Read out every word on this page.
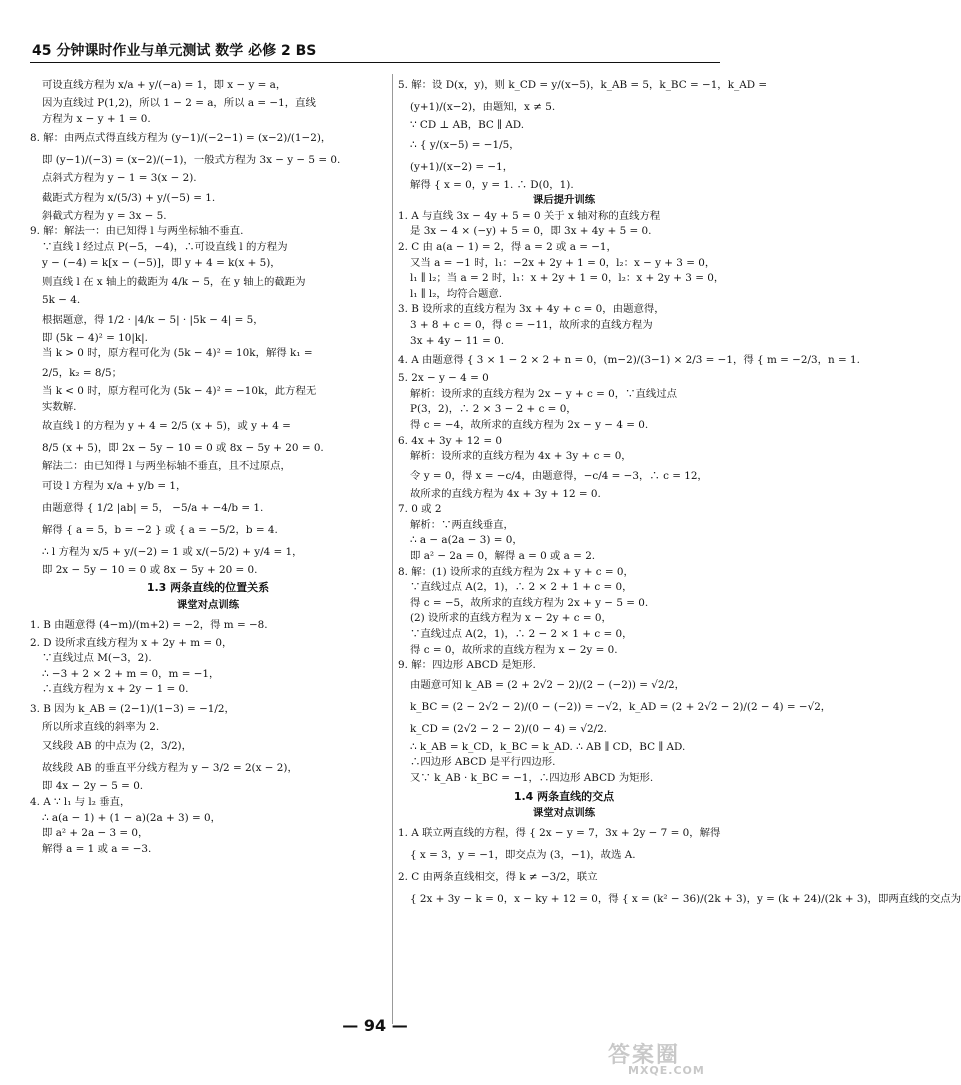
45 分钟课时作业与单元测试 数学 必修 2 BS
可设直线方程为 x/a + y/(−a) = 1，即 x − y = a，
因为直线过 P(1,2)，所以 1 − 2 = a，所以 a = −1，直线
方程为 x − y + 1 = 0.
8. 解：由两点式得直线方程为 (y−1)/(−2−1) = (x−2)/(1−2)，
即 (y−1)/(−3) = (x−2)/(−1)，一般式方程为 3x − y − 5 = 0.
点斜式方程为 y − 1 = 3(x − 2).
截距式方程为 x/(5/3) + y/(−5) = 1.
斜截式方程为 y = 3x − 5.
9. 解：解法一：由已知得 l 与两坐标轴不垂直.
∵直线 l 经过点 P(−5，−4)，∴可设直线 l 的方程为
y − (−4) = k[x − (−5)]，即 y + 4 = k(x + 5)，
则直线 l 在 x 轴上的截距为 4/k − 5，在 y 轴上的截距为
5k − 4.
根据题意，得 1/2 · |4/k − 5| · |5k − 4| = 5，
即 (5k − 4)² = 10|k|.
当 k > 0 时，原方程可化为 (5k − 4)² = 10k，解得 k₁ =
2/5，k₂ = 8/5；
当 k < 0 时，原方程可化为 (5k − 4)² = −10k，此方程无
实数解.
故直线 l 的方程为 y + 4 = 2/5 (x + 5)，或 y + 4 =
8/5 (x + 5)，即 2x − 5y − 10 = 0 或 8x − 5y + 20 = 0.
解法二：由已知得 l 与两坐标轴不垂直，且不过原点，
可设 l 方程为 x/a + y/b = 1，
由题意得 { 1/2 |ab| = 5， −5/a + −4/b = 1.
解得 { a = 5，b = −2 } 或 { a = −5/2，b = 4.
∴ l 方程为 x/5 + y/(−2) = 1 或 x/(−5/2) + y/4 = 1，
即 2x − 5y − 10 = 0 或 8x − 5y + 20 = 0.
1.3 两条直线的位置关系
课堂对点训练
1. B 由题意得 (4−m)/(m+2) = −2，得 m = −8.
2. D 设所求直线方程为 x + 2y + m = 0，
∵直线过点 M(−3，2).
∴ −3 + 2 × 2 + m = 0，m = −1，
∴直线方程为 x + 2y − 1 = 0.
3. B 因为 k_AB = (2−1)/(1−3) = −1/2，
所以所求直线的斜率为 2.
又线段 AB 的中点为 (2，3/2)，
故线段 AB 的垂直平分线方程为 y − 3/2 = 2(x − 2)，
即 4x − 2y − 5 = 0.
4. A ∵ l₁ 与 l₂ 垂直，
∴ a(a − 1) + (1 − a)(2a + 3) = 0，
即 a² + 2a − 3 = 0，
解得 a = 1 或 a = −3.
5. 解：设 D(x，y)，则 k_CD = y/(x−5)，k_AB = 5，k_BC = −1，k_AD =
(y+1)/(x−2)，由题知，x ≠ 5.
∵ CD ⊥ AB，BC ∥ AD.
∴ { y/(x−5) = −1/5，
(y+1)/(x−2) = −1，
解得 { x = 0，y = 1. ∴ D(0，1).
课后提升训练
1. A 与直线 3x − 4y + 5 = 0 关于 x 轴对称的直线方程
是 3x − 4 × (−y) + 5 = 0，即 3x + 4y + 5 = 0.
2. C 由 a(a − 1) = 2，得 a = 2 或 a = −1，
又当 a = −1 时，l₁：−2x + 2y + 1 = 0，l₂：x − y + 3 = 0，
l₁ ∥ l₂；当 a = 2 时，l₁：x + 2y + 1 = 0，l₂：x + 2y + 3 = 0，
l₁ ∥ l₂，均符合题意.
3. B 设所求的直线方程为 3x + 4y + c = 0，由题意得，
3 + 8 + c = 0，得 c = −11，故所求的直线方程为
3x + 4y − 11 = 0.
4. A 由题意得 { 3 × 1 − 2 × 2 + n = 0，(m−2)/(3−1) × 2/3 = −1，得 { m = −2/3，n = 1.
5. 2x − y − 4 = 0
解析：设所求的直线方程为 2x − y + c = 0，∵直线过点
P(3，2)，∴ 2 × 3 − 2 + c = 0，
得 c = −4，故所求的直线方程为 2x − y − 4 = 0.
6. 4x + 3y + 12 = 0
解析：设所求的直线方程为 4x + 3y + c = 0，
令 y = 0，得 x = −c/4，由题意得，−c/4 = −3，∴ c = 12，
故所求的直线方程为 4x + 3y + 12 = 0.
7. 0 或 2
解析：∵两直线垂直，
∴ a − a(2a − 3) = 0，
即 a² − 2a = 0，解得 a = 0 或 a = 2.
8. 解：(1) 设所求的直线方程为 2x + y + c = 0，
∵直线过点 A(2，1)，∴ 2 × 2 + 1 + c = 0，
得 c = −5，故所求的直线方程为 2x + y − 5 = 0.
(2) 设所求的直线方程为 x − 2y + c = 0，
∵直线过点 A(2，1)，∴ 2 − 2 × 1 + c = 0，
得 c = 0，故所求的直线方程为 x − 2y = 0.
9. 解：四边形 ABCD 是矩形.
由题意可知 k_AB = (2 + 2√2 − 2)/(2 − (−2)) = √2/2，
k_BC = (2 − 2√2 − 2)/(0 − (−2)) = −√2，k_AD = (2 + 2√2 − 2)/(2 − 4) = −√2，
k_CD = (2√2 − 2 − 2)/(0 − 4) = √2/2.
∴ k_AB = k_CD，k_BC = k_AD. ∴ AB ∥ CD，BC ∥ AD.
∴四边形 ABCD 是平行四边形.
又∵ k_AB · k_BC = −1，∴四边形 ABCD 为矩形.
1.4 两条直线的交点
课堂对点训练
1. A 联立两直线的方程，得 { 2x − y = 7，3x + 2y − 7 = 0，解得
{ x = 3，y = −1，即交点为 (3，−1)，故选 A.
2. C 由两条直线相交，得 k ≠ −3/2，联立
{ 2x + 3y − k = 0，x − ky + 12 = 0，得 { x = (k² − 36)/(2k + 3)，y = (k + 24)/(2k + 3)，即两直线的交点为
— 94 —
答案圈
MXQE.COM
